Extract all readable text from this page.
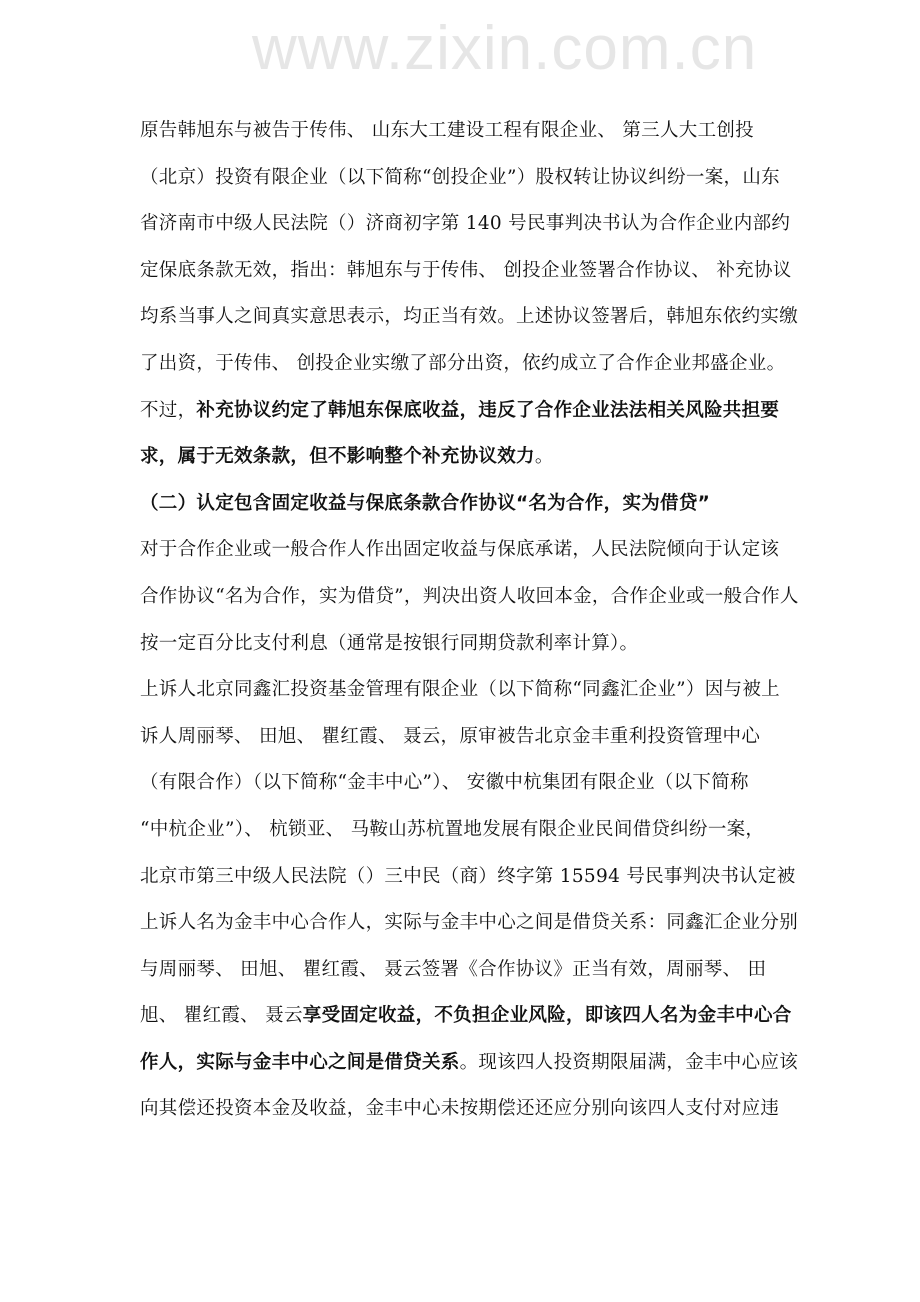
www.zixin.com.cn
原告韩旭东与被告于传伟、 山东大工建设工程有限企业、 第三人大工创投
（北京）投资有限企业（以下简称“创投企业”）股权转让协议纠纷一案，山东
省济南市中级人民法院（）济商初字第 140 号民事判决书认为合作企业内部约
定保底条款无效，指出：韩旭东与于传伟、 创投企业签署合作协议、 补充协议
均系当事人之间真实意思表示，均正当有效。上述协议签署后，韩旭东依约实缴
了出资，于传伟、 创投企业实缴了部分出资，依约成立了合作企业邦盛企业。
不过，补充协议约定了韩旭东保底收益，违反了合作企业法法相关风险共担要
求，属于无效条款，但不影响整个补充协议效力。
（二）认定包含固定收益与保底条款合作协议“名为合作，实为借贷”
对于合作企业或一般合作人作出固定收益与保底承诺，人民法院倾向于认定该
合作协议“名为合作，实为借贷”，判决出资人收回本金，合作企业或一般合作人
按一定百分比支付利息（通常是按银行同期贷款利率计算）。
上诉人北京同鑫汇投资基金管理有限企业（以下简称“同鑫汇企业”）因与被上
诉人周丽琴、 田旭、 瞿红霞、 聂云，原审被告北京金丰重利投资管理中心
（有限合作）（以下简称“金丰中心”）、 安徽中杭集团有限企业（以下简称
“中杭企业”）、 杭锁亚、 马鞍山苏杭置地发展有限企业民间借贷纠纷一案，
北京市第三中级人民法院（）三中民（商）终字第 15594 号民事判决书认定被
上诉人名为金丰中心合作人，实际与金丰中心之间是借贷关系：同鑫汇企业分别
与周丽琴、 田旭、 瞿红霞、 聂云签署《合作协议》正当有效，周丽琴、 田
旭、 瞿红霞、 聂云享受固定收益，不负担企业风险，即该四人名为金丰中心合
作人，实际与金丰中心之间是借贷关系。现该四人投资期限届满，金丰中心应该
向其偿还投资本金及收益，金丰中心未按期偿还还应分别向该四人支付对应违
